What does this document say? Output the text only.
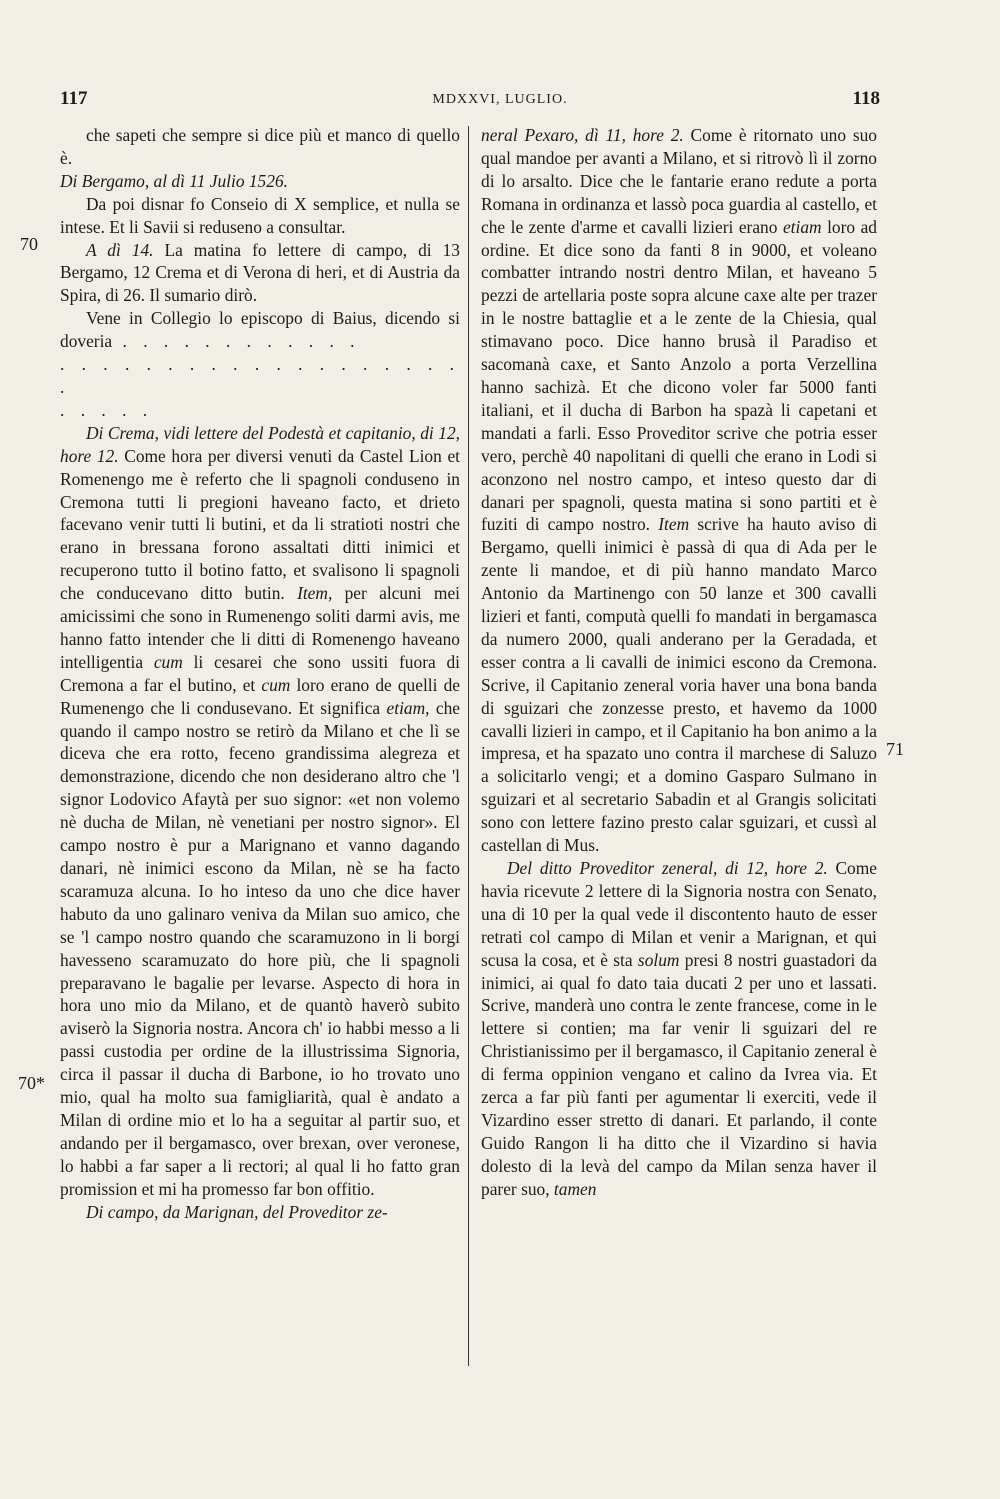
117	MDXXVI, LUGLIO.	118
70
70*
71

che sapeti che sempre si dice più et manco di quello è.

Di Bergamo, al dì 11 Julio 1526.

Da poi disnar fo Conseio di X semplice, et nulla se intese. Et li Savii si reduseno a consultar.

A dì 14. La matina fo lettere di campo, di 13 Bergamo, 12 Crema et di Verona di heri, et di Austria da Spira, di 26. Il sumario dirò.

Vene in Collegio lo episcopo di Baius, dicendo si doveria . . . . . . . . . . . .

. . . . . . . . . . . . . . . . . . . .

. . . . .

Di Crema, vidi lettere del Podestà et capitanio, di 12, hore 12. Come hora per diversi venuti da Castel Lion et Romenengo me è referto che li spagnoli conduseno in Cremona tutti li pregioni haveano facto, et drieto facevano venir tutti li butini, et da li stratioti nostri che erano in bressana forono assaltati ditti inimici et recuperono tutto il botino fatto, et svalisono li spagnoli che conducevano ditto butin. Item, per alcuni mei amicissimi che sono in Rumenengo soliti darmi avis, me hanno fatto intender che li ditti di Romenengo haveano intelligentia cum li cesarei che sono ussiti fuora di Cremona a far el butino, et cum loro erano de quelli de Rumenengo che li condusevano. Et significa etiam, che quando il campo nostro se retirò da Milano et che lì se diceva che era rotto, feceno grandissima alegreza et demonstrazione, dicendo che non desiderano altro che 'l signor Lodovico Afaytà per suo signor: «et non volemo nè ducha de Milan, nè venetiani per nostro signor». El campo nostro è pur a Marignano et vanno dagando danari, nè inimici escono da Milan, nè se ha facto scaramuza alcuna. Io ho inteso da uno che dice haver habuto da uno galinaro veniva da Milan suo amico, che se 'l campo nostro quando che scaramuzono in li borgi havesseno scaramuzato do hore più, che li spagnoli preparavano le bagalie per levarse. Aspecto di hora in hora uno mio da Milano, et de quantò haverò subito aviserò la Signoria nostra. Ancora ch' io habbi messo a li passi custodia per ordine de la illustrissima Signoria, circa il passar il ducha di Barbone, io ho trovato uno mio, qual ha molto sua famigliarità, qual è andato a Milan di ordine mio et lo ha a seguitar al partir suo, et andando per il bergamasco, over brexan, over veronese, lo habbi a far saper a li rectori; al qual li ho fatto gran promission et mi ha promesso far bon offitio.

Di campo, da Marignan, del Proveditor ze-

neral Pexaro, dì 11, hore 2. Come è ritornato uno suo qual mandoe per avanti a Milano, et si ritrovò lì il zorno di lo arsalto. Dice che le fantarie erano redute a porta Romana in ordinanza et lassò poca guardia al castello, et che le zente d'arme et cavalli lizieri erano etiam loro ad ordine. Et dice sono da fanti 8 in 9000, et voleano combatter intrando nostri dentro Milan, et haveano 5 pezzi de artellaria poste sopra alcune caxe alte per trazer in le nostre battaglie et a le zente de la Chiesia, qual stimavano poco. Dice hanno brusà il Paradiso et sacomanà caxe, et Santo Anzolo a porta Verzellina hanno sachizà. Et che dicono voler far 5000 fanti italiani, et il ducha di Barbon ha spazà li capetani et mandati a farli. Esso Proveditor scrive che potria esser vero, perchè 40 napolitani di quelli che erano in Lodi si aconzono nel nostro campo, et inteso questo dar di danari per spagnoli, questa matina si sono partiti et è fuziti di campo nostro. Item scrive ha hauto aviso di Bergamo, quelli inimici è passà di qua di Ada per le zente li mandoe, et di più hanno mandato Marco Antonio da Martinengo con 50 lanze et 300 cavalli lizieri et fanti, computà quelli fo mandati in bergamasca da numero 2000, quali anderano per la Geradada, et esser contra a li cavalli de inimici escono da Cremona. Scrive, il Capitanio zeneral voria haver una bona banda di sguizari che zonzesse presto, et havemo da 1000 cavalli lizieri in campo, et il Capitanio ha bon animo a la impresa, et ha spazato uno contra il marchese di Saluzo a solicitarlo vengi; et a domino Gasparo Sulmano in sguizari et al secretario Sabadin et al Grangis solicitati sono con lettere fazino presto calar sguizari, et cussì al castellan di Mus.

Del ditto Proveditor zeneral, di 12, hore 2. Come havia ricevute 2 lettere di la Signoria nostra con Senato, una di 10 per la qual vede il discontento hauto de esser retrati col campo di Milan et venir a Marignan, et qui scusa la cosa, et è sta solum presi 8 nostri guastadori da inimici, ai qual fo dato taia ducati 2 per uno et lassati. Scrive, manderà uno contra le zente francese, come in le lettere si contien; ma far venir li sguizari del re Christianissimo per il bergamasco, il Capitanio zeneral è di ferma oppinion vengano et calino da Ivrea via. Et zerca a far più fanti per agumentar li exerciti, vede il Vizardino esser stretto di danari. Et parlando, il conte Guido Rangon li ha ditto che il Vizardino si havia dolesto di la levà del campo da Milan senza haver il parer suo, tamen
